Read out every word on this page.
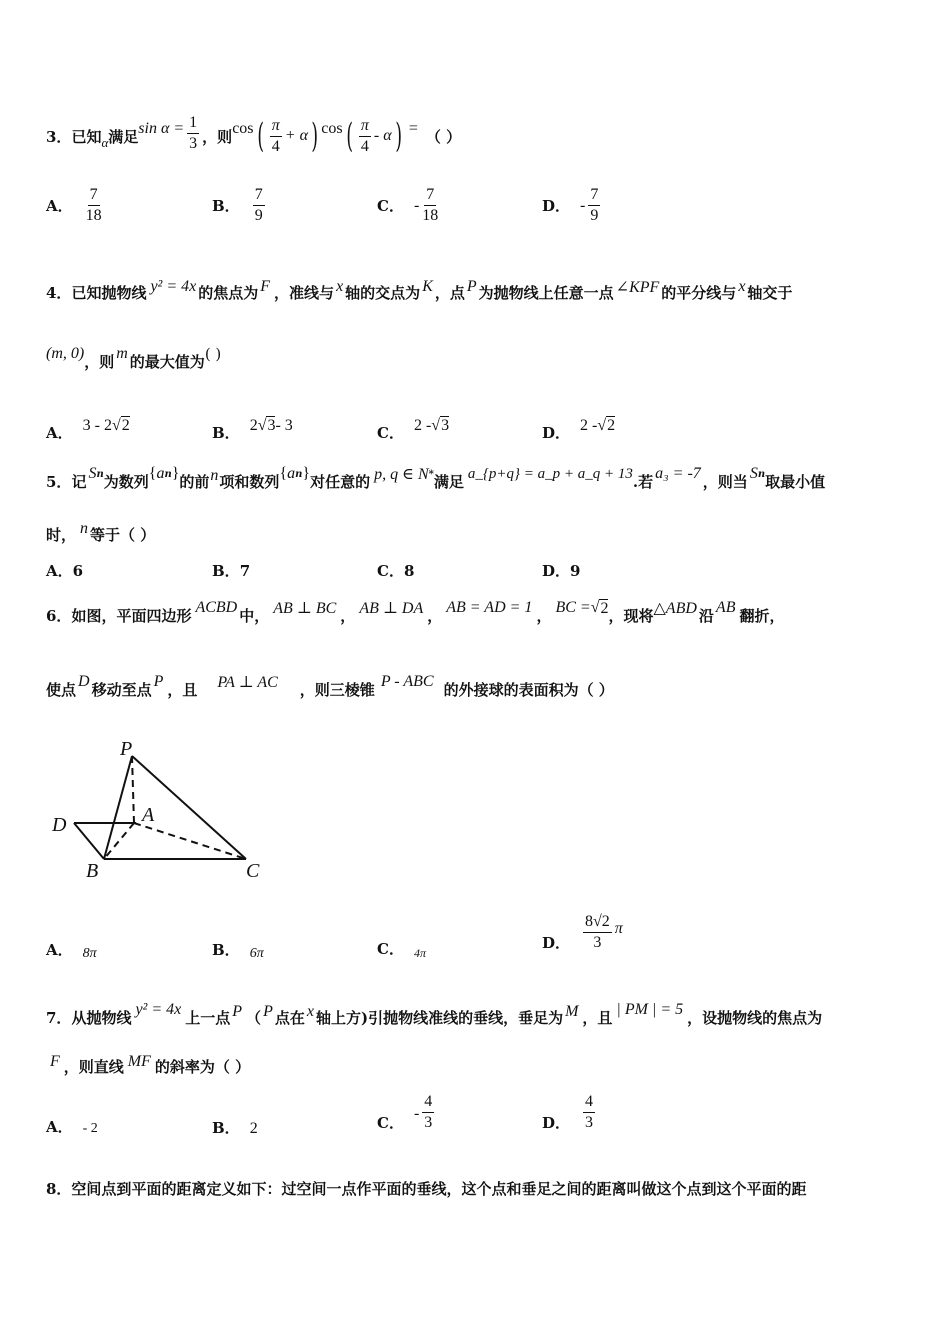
3． 已知 α 满足 $\sin \alpha = \frac{1}{3}$ ，则 cos ( $\frac{\pi}{4} + \alpha$ ) cos ( $\frac{\pi}{4}$ - α ) = （ ）
A． $\frac{7}{18}$	B． $\frac{7}{9}$	C． - $\frac{7}{18}$	D． - $\frac{7}{9}$
4． 已知抛物线 y² = 4x 的焦点为 F ，准线与 x 轴的交点为 K ，点 P 为抛物线上任意一点 ∠KPF 的平分线与 x 轴交于
(m, 0) ，则 m 的最大值为 ( )
A． 3 - 2 √ 2	B． 2 √ 3 - 3	C． 2 - √ 3	D． 2 - √ 2
5． 记 S n 为数列 { a n } 的前 n 项和数列 { a n } 对任意的 p, q ∈ N * 满足 a_{p+q} = a_p + a_q + 13 .若 a₃ = -7 ，则当 S n 取最小值
时， n 等于（ ）
A． 6	B． 7	C． 8	D． 9
6． 如图，平面四边形 ACBD 中， AB ⊥ BC ， AB ⊥ DA ， AB = AD = 1 ， BC = √ 2 ，现将 △ABD 沿 AB 翻折，
使点 D 移动至点 P ，且 PA ⊥ AC ，则三棱锥 P - ABC 的外接球的表面积为（ ）
P
A
D
B	C
A． 8π	B． 6π	C． 4π
D． $\frac{8√2}{3}$ π
7． 从抛物线 y² = 4x 上一点 P （ P 点在 x 轴上方)引抛物线准线的垂线，垂足为 M ，且 | PM | = 5 ，设抛物线的焦点为
F ，则直线 MF 的斜率为（ ）
A． - 2	B． 2	C．
- $\frac{4}{3}$	D． $\frac{4}{3}$
8．空间点到平面的距离定义如下：过空间一点作平面的垂线，这个点和垂足之间的距离叫做这个点到这个平面的距
